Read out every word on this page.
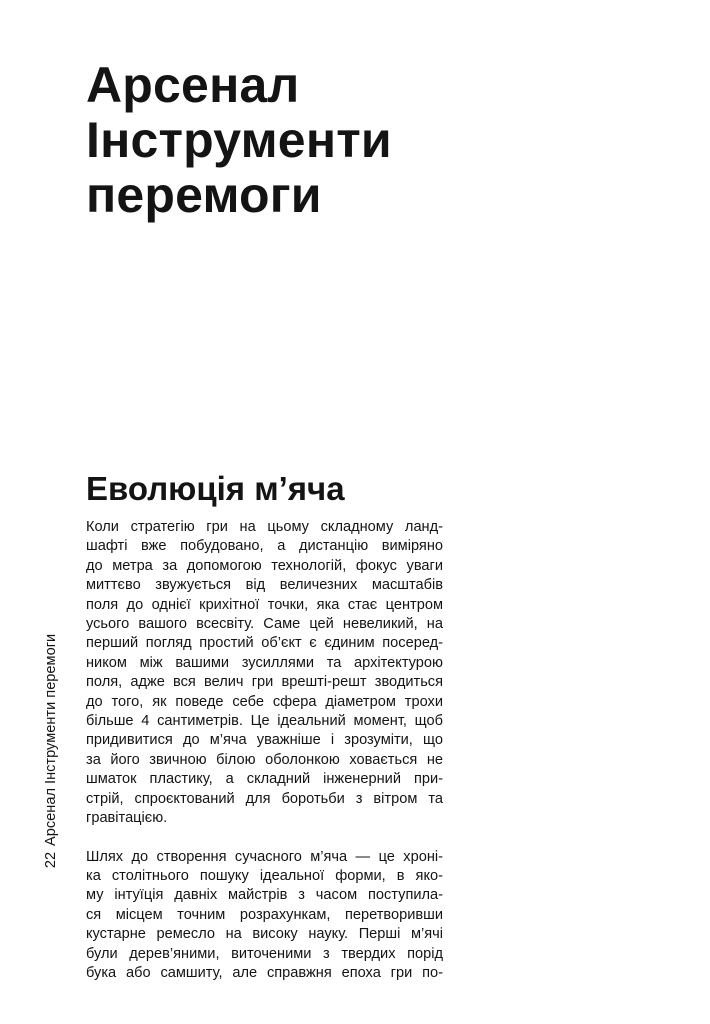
Арсенал
Інструменти
перемоги
Еволюція м’яча

Коли стратегію гри на цьому складному ланд-
шафті вже побудовано, а дистанцію виміряно
до метра за допомогою технологій, фокус уваги
миттєво звужується від величезних масштабів
поля до однієї крихітної точки, яка стає центром
усього вашого всесвіту. Саме цей невеликий, на
перший погляд простий об’єкт є єдиним посеред-
ником між вашими зусиллями та архітектурою
поля, адже вся велич гри врешті-решт зводиться
до того, як поведе себе сфера діаметром трохи
більше 4 сантиметрів. Це ідеальний момент, щоб
придивитися до м’яча уважніше і зрозуміти, що
за його звичною білою оболонкою ховається не
шматок пластику, а складний інженерний при-
стрій, спроєктований для боротьби з вітром та
гравітацією.

Шлях до створення сучасного м’яча — це хроні-
ка столітнього пошуку ідеальної форми, в яко-
му інтуїція давніх майстрів з часом поступила-
ся місцем точним розрахункам, перетворивши
кустарне ремесло на високу науку. Перші м’ячі
були дерев’яними, виточеними з твердих порід
бука або самшиту, але справжня епоха гри по-

Арсенал Інструменти перемоги
22
